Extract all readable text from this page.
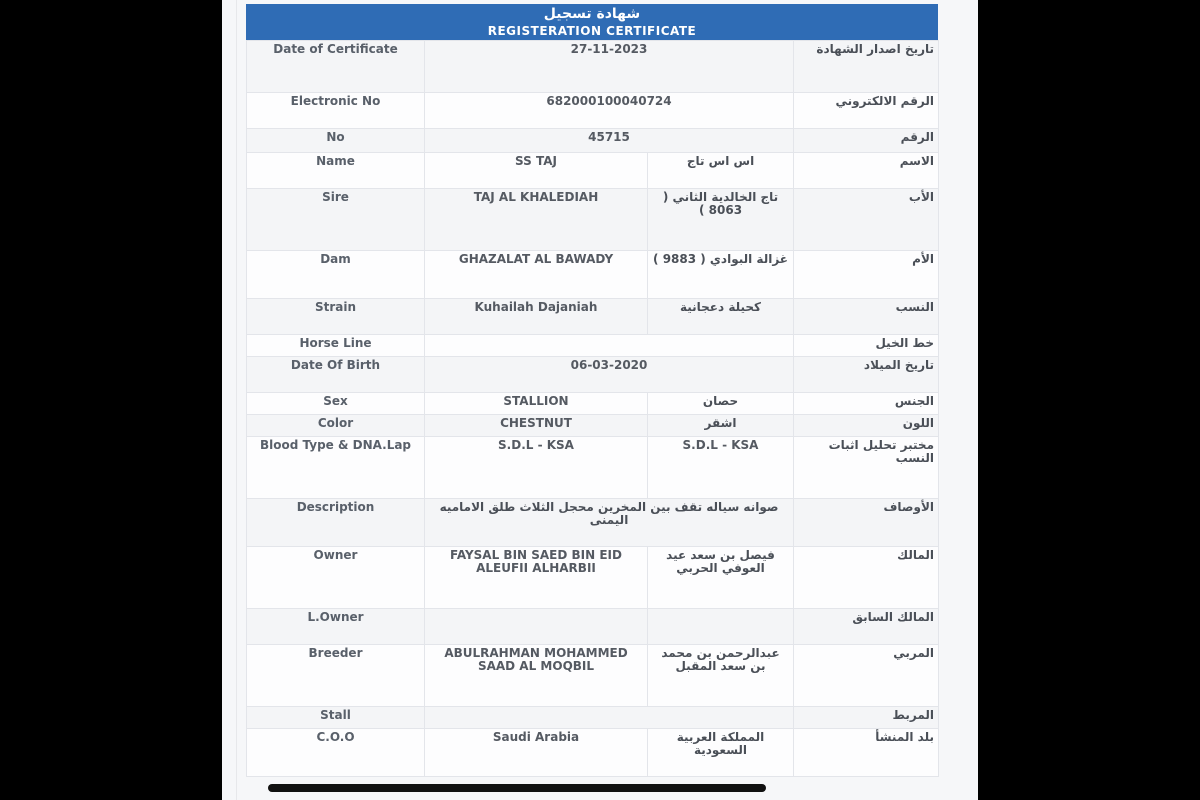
شهادة تسجيل
REGISTERATION CERTIFICATE
Date of Certificate	27-11-2023		تاريخ اصدار الشهادة
Electronic No	682000100040724		الرقم الالكتروني
No	45715		الرقم
Name	SS TAJ	اس اس تاج	الاسم
Sire	TAJ AL KHALEDIAH	تاج الخالدية الثاني ( 8063 )	الأب
Dam	GHAZALAT AL BAWADY	غزالة البوادي ( 9883 )	الأم
Strain	Kuhailah Dajaniah	كحيلة دعجانية	النسب
Horse Line			خط الخيل
Date Of Birth	06-03-2020		تاريخ الميلاد
Sex	STALLION	حصان	الجنس
Color	CHESTNUT	اشقر	اللون
Blood Type & DNA.Lap	S.D.L - KSA	S.D.L - KSA	مختبر تحليل اثبات النسب
Description	صوانه سياله تقف بين المخرين محجل الثلاث طلق الاماميه اليمنى		الأوصاف
Owner	FAYSAL BIN SAED BIN EID ALEUFII ALHARBII	فيصل بن سعد عيد العوفي الحربي	المالك
L.Owner			المالك السابق
Breeder	ABULRAHMAN MOHAMMED SAAD AL MOQBIL	عبدالرحمن بن محمد بن سعد المقبل	المربي
Stall			المربط
C.O.O	Saudi Arabia	المملكة العربية السعودية	بلد المنشأ
